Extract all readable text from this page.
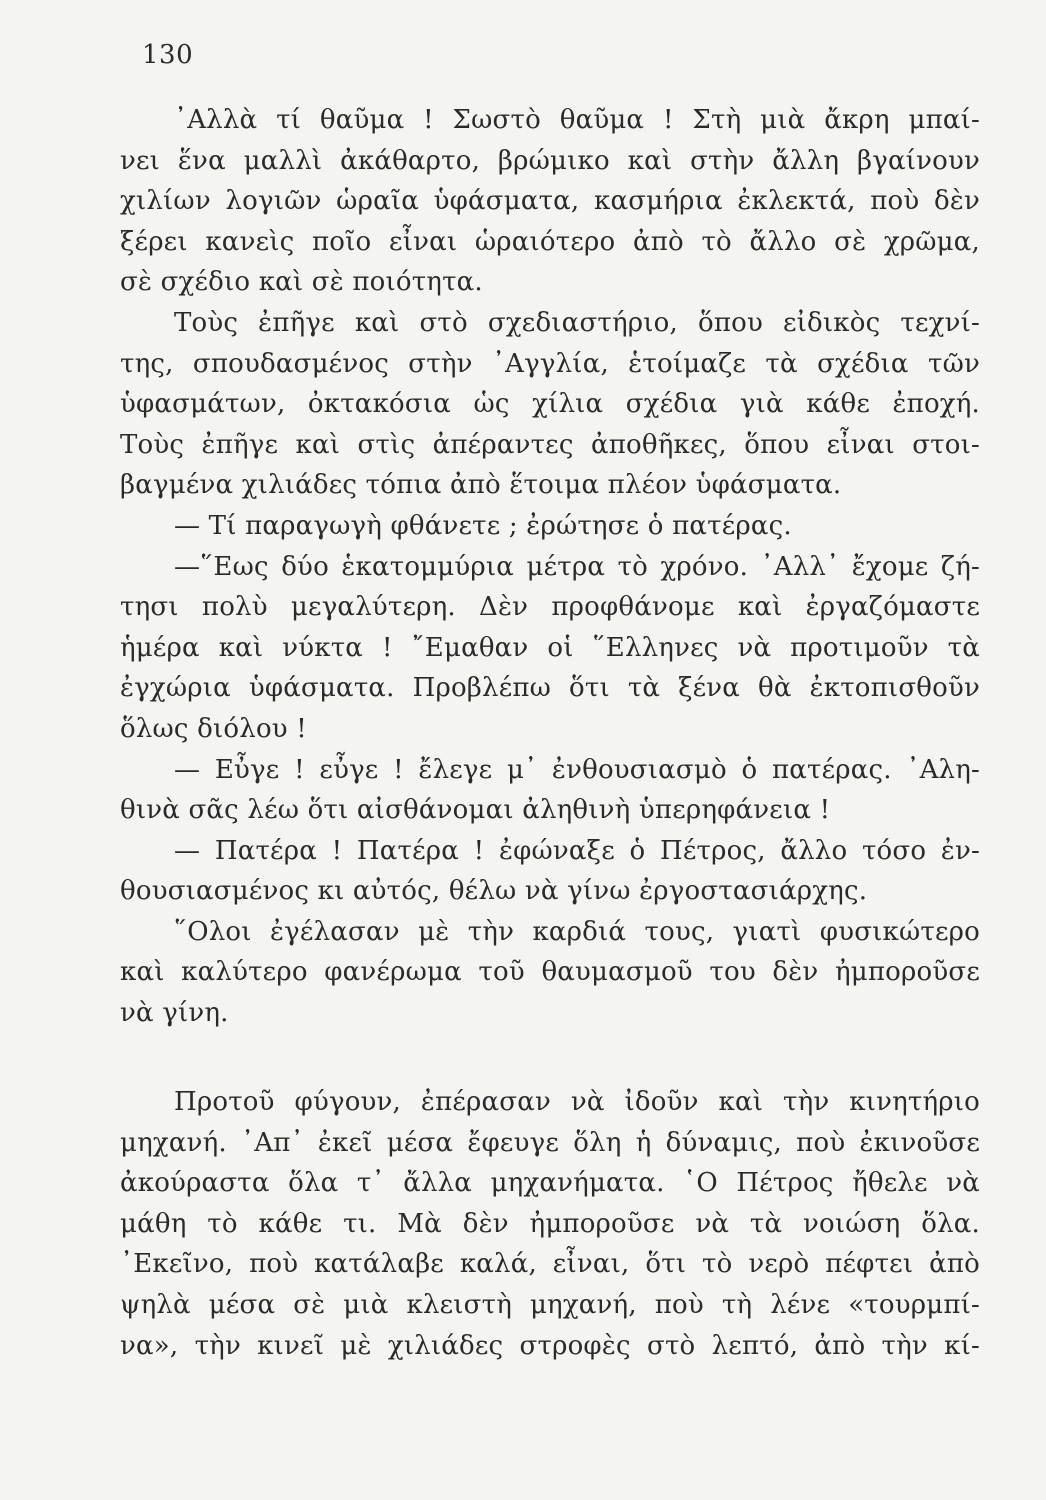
130
᾽Αλλὰ τί θαῦμα ! Σωστὸ θαῦμα ! Στὴ μιὰ ἄκρη μπαί-
νει ἕνα μαλλὶ ἀκάθαρτο, βρώμικο καὶ στὴν ἄλλη βγαίνουν
χιλίων λογιῶν ὡραῖα ὑφάσματα, κασμήρια ἐκλεκτά, ποὺ δὲν
ξέρει κανεὶς ποῖο εἶναι ὡραιότερο ἀπὸ τὸ ἄλλο σὲ χρῶμα,
σὲ σχέδιο καὶ σὲ ποιότητα.
Τοὺς ἐπῆγε καὶ στὸ σχεδιαστήριο, ὅπου εἰδικὸς τεχνί-
της, σπουδασμένος στὴν ᾽Αγγλία, ἑτοίμαζε τὰ σχέδια τῶν
ὑφασμάτων, ὀκτακόσια ὡς χίλια σχέδια γιὰ κάθε ἐποχή.
Τοὺς ἐπῆγε καὶ στὶς ἀπέραντες ἀποθῆκες, ὅπου εἶναι στοι-
βαγμένα χιλιάδες τόπια ἀπὸ ἕτοιμα πλέον ὑφάσματα.
— Τί παραγωγὴ φθάνετε ; ἐρώτησε ὁ πατέρας.
—῞Εως δύο ἑκατομμύρια μέτρα τὸ χρόνο. ᾽Αλλ᾽ ἔχομε ζή-
τησι πολὺ μεγαλύτερη. Δὲν προφθάνομε καὶ ἐργαζόμαστε
ἡμέρα καὶ νύκτα ! ῎Εμαθαν οἱ ῞Ελληνες νὰ προτιμοῦν τὰ
ἐγχώρια ὑφάσματα. Προβλέπω ὅτι τὰ ξένα θὰ ἐκτοπισθοῦν
ὅλως διόλου !
— Εὖγε ! εὖγε ! ἔλεγε μ᾽ ἐνθουσιασμὸ ὁ πατέρας. ᾽Αλη-
θινὰ σᾶς λέω ὅτι αἰσθάνομαι ἀληθινὴ ὑπερηφάνεια !
— Πατέρα ! Πατέρα ! ἐφώναξε ὁ Πέτρος, ἄλλο τόσο ἐν-
θουσιασμένος κι αὐτός, θέλω νὰ γίνω ἐργοστασιάρχης.
῞Ολοι ἐγέλασαν μὲ τὴν καρδιά τους, γιατὶ φυσικώτερο
καὶ καλύτερο φανέρωμα τοῦ θαυμασμοῦ του δὲν ἠμποροῦσε
νὰ γίνη.
Προτοῦ φύγουν, ἐπέρασαν νὰ ἰδοῦν καὶ τὴν κινητήριο
μηχανή. ᾽Απ᾽ ἐκεῖ μέσα ἔφευγε ὅλη ἡ δύναμις, ποὺ ἐκινοῦσε
ἀκούραστα ὅλα τ᾽ ἄλλα μηχανήματα. ῾Ο Πέτρος ἤθελε νὰ
μάθη τὸ κάθε τι. Μὰ δὲν ἠμποροῦσε νὰ τὰ νοιώση ὅλα.
᾽Εκεῖνο, ποὺ κατάλαβε καλά, εἶναι, ὅτι τὸ νερὸ πέφτει ἀπὸ
ψηλὰ μέσα σὲ μιὰ κλειστὴ μηχανή, ποὺ τὴ λένε «τουρμπί-
να», τὴν κινεῖ μὲ χιλιάδες στροφὲς στὸ λεπτό, ἀπὸ τὴν κί-
